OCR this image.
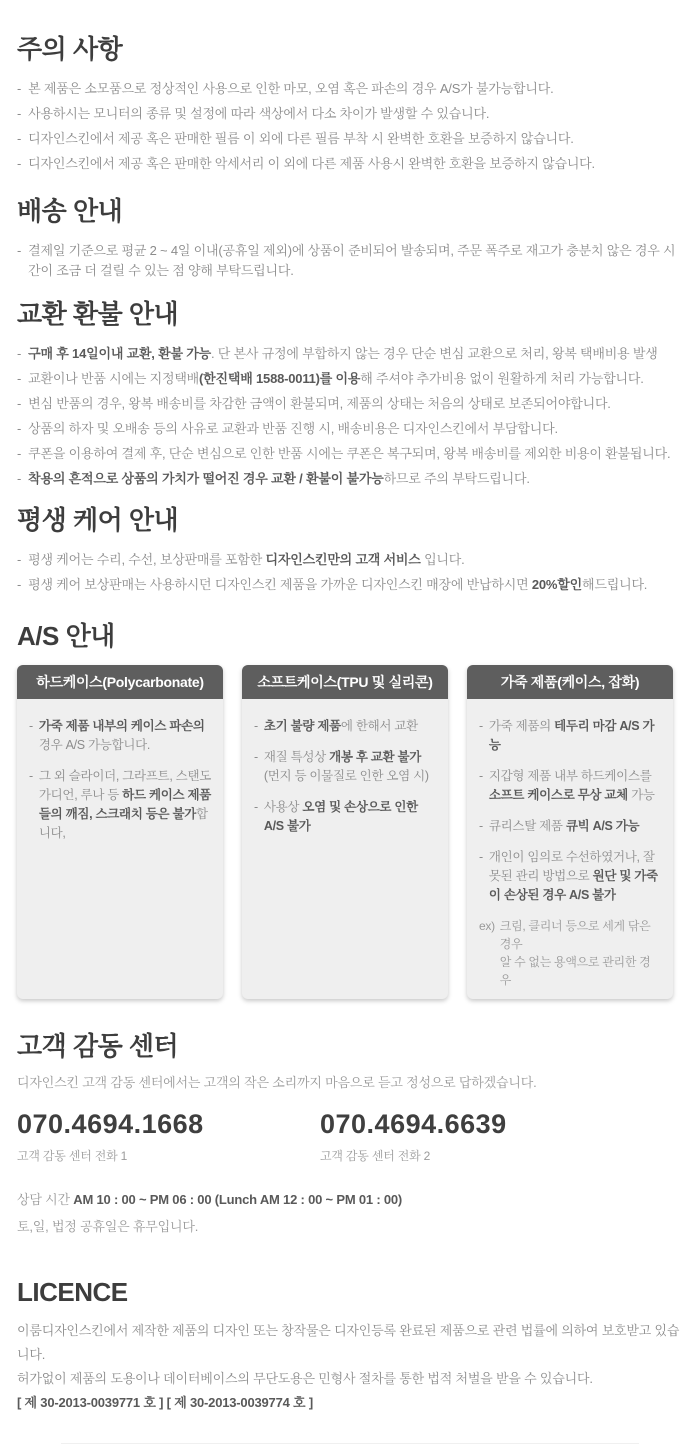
주의 사항
- 본 제품은 소모품으로 정상적인 사용으로 인한 마모, 오염 혹은 파손의 경우 A/S가 불가능합니다.
- 사용하시는 모니터의 종류 및 설정에 따라 색상에서 다소 차이가 발생할 수 있습니다.
- 디자인스킨에서 제공 혹은 판매한 필름 이 외에 다른 필름 부착 시 완벽한 호환을 보증하지 않습니다.
- 디자인스킨에서 제공 혹은 판매한 악세서리 이 외에 다른 제품 사용시 완벽한 호환을 보증하지 않습니다.
배송 안내
- 결제일 기준으로 평균 2 ~ 4일 이내(공휴일 제외)에 상품이 준비되어 발송되며, 주문 폭주로 재고가 충분치 않은 경우 시간이 조금 더 걸릴 수 있는 점 양해 부탁드립니다.
교환 환불 안내
- 구매 후 14일이내 교환, 환불 가능. 단 본사 규정에 부합하지 않는 경우 단순 변심 교환으로 처리, 왕복 택배비용 발생
- 교환이나 반품 시에는 지정택배(한진택배 1588-0011)를 이용해 주셔야 추가비용 없이 원활하게 처리 가능합니다.
- 변심 반품의 경우, 왕복 배송비를 차감한 금액이 환불되며, 제품의 상태는 처음의 상태로 보존되어야합니다.
- 상품의 하자 및 오배송 등의 사유로 교환과 반품 진행 시, 배송비용은 디자인스킨에서 부담합니다.
- 쿠폰을 이용하여 결제 후, 단순 변심으로 인한 반품 시에는 쿠폰은 복구되며, 왕복 배송비를 제외한 비용이 환불됩니다.
- 착용의 흔적으로 상품의 가치가 떨어진 경우 교환 / 환불이 불가능하므로 주의 부탁드립니다.
평생 케어 안내
- 평생 케어는 수리, 수선, 보상판매를 포함한 디자인스킨만의 고객 서비스 입니다.
- 평생 케어 보상판매는 사용하시던 디자인스킨 제품을 가까운 디자인스킨 매장에 반납하시면 20%할인해드립니다.
A/S 안내
하드케이스(Polycarbonate)
- 가죽 제품 내부의 케이스 파손의 경우 A/S 가능합니다.
- 그 외 슬라이더, 그라프트, 스탠도 가디언, 루나 등 하드 케이스 제품들의 깨짐, 스크래치 등은 불가합니다,
소프트케이스(TPU 및 실리콘)
- 초기 불량 제품에 한해서 교환
- 재질 특성상 개봉 후 교환 불가
(먼지 등 이물질로 인한 오염 시)
- 사용상 오염 및 손상으로 인한 A/S 불가
가죽 제품(케이스, 잡화)
- 가죽 제품의 테두리 마감 A/S 가능
- 지갑형 제품 내부 하드케이스를 소프트 케이스로 무상 교체 가능
- 큐리스탈 제품 큐빅 A/S 가능
- 개인이 임의로 수선하였거나, 잘못된 관리 방법으로 원단 및 가죽이 손상된 경우 A/S 불가
ex) 크림, 클리너 등으로 세게 닦은 경우
알 수 없는 용액으로 관리한 경우
고객 감동 센터

디자인스킨 고객 감동 센터에서는 고객의 작은 소리까지 마음으로 듣고 정성으로 답하겠습니다.

070.4694.1668
고객 감동 센터 전화 1
070.4694.6639
고객 감동 센터 전화 2

상담 시간 AM 10 : 00 ~ PM 06 : 00 (Lunch AM 12 : 00 ~ PM 01 : 00)

토,일, 법정 공휴일은 휴무입니다.

LICENCE

이룸디자인스킨에서 제작한 제품의 디자인 또는 창작물은 디자인등록 완료된 제품으로 관련 법률에 의하여 보호받고 있습니다.

허가없이 제품의 도용이나 데이터베이스의 무단도용은 민형사 절차를 통한 법적 처벌을 받을 수 있습니다.

[ 제 30-2013-0039771 호 ] [ 제 30-2013-0039774 호 ]
